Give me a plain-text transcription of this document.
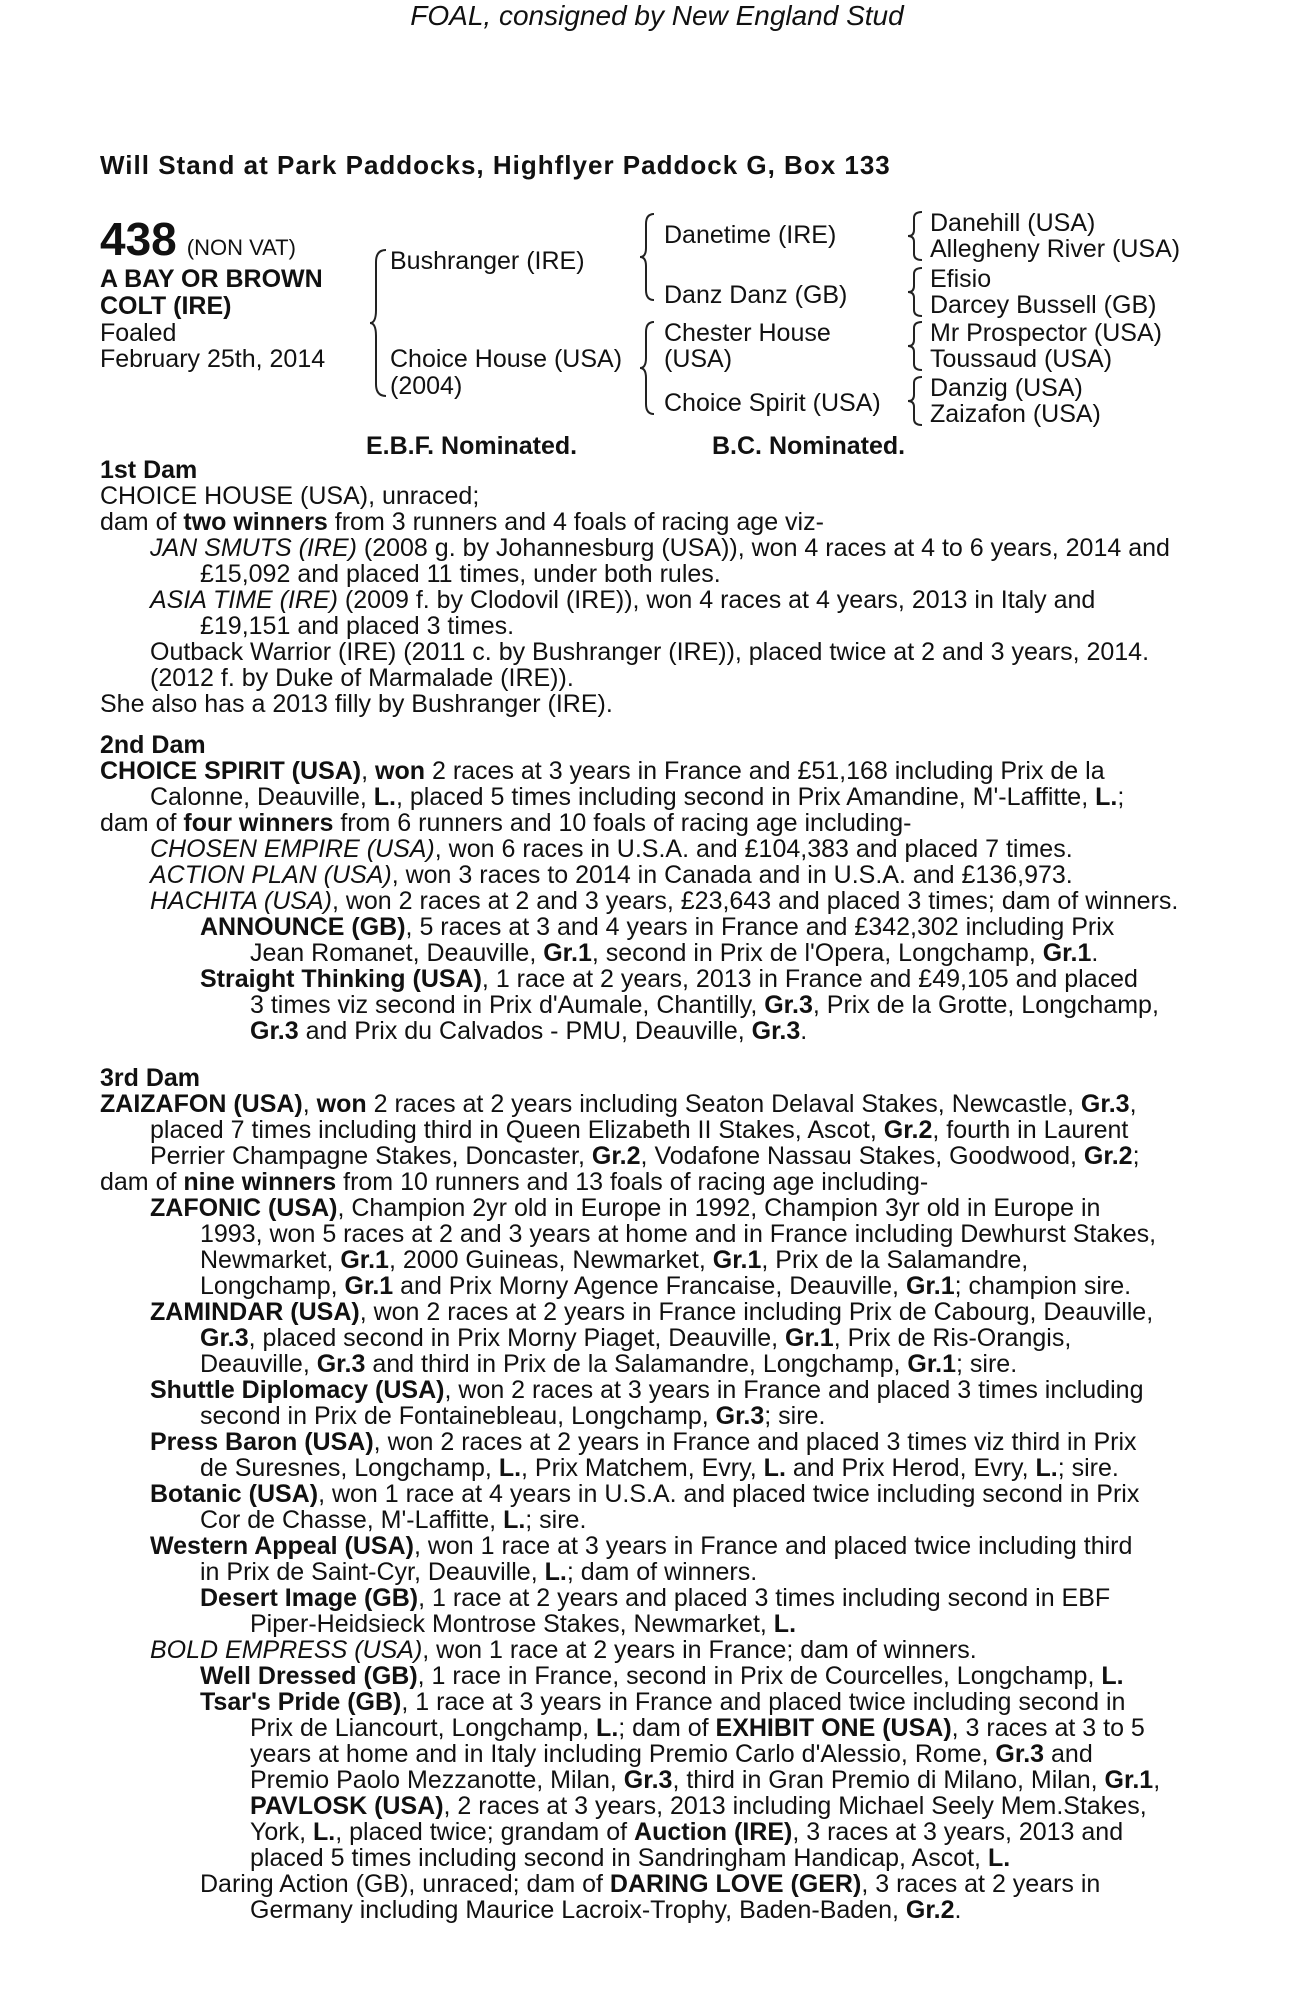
FOAL, consigned by New England Stud
Will Stand at Park Paddocks, Highflyer Paddock G, Box 133
438 (NON VAT)
A BAY OR BROWN
COLT (IRE)
Foaled
February 25th, 2014
Bushranger (IRE)
Choice House (USA)
(2004)
Danetime (IRE)
Danz Danz (GB)
Chester House
(USA)
Choice Spirit (USA)
Danehill (USA)
Allegheny River (USA)
Efisio
Darcey Bussell (GB)
Mr Prospector (USA)
Toussaud (USA)
Danzig (USA)
Zaizafon (USA)
E.B.F. Nominated.	B.C. Nominated.
1st Dam
CHOICE HOUSE (USA), unraced;
dam of two winners from 3 runners and 4 foals of racing age viz-
JAN SMUTS (IRE) (2008 g. by Johannesburg (USA)), won 4 races at 4 to 6 years, 2014 and
£15,092 and placed 11 times, under both rules.
ASIA TIME (IRE) (2009 f. by Clodovil (IRE)), won 4 races at 4 years, 2013 in Italy and
£19,151 and placed 3 times.
Outback Warrior (IRE) (2011 c. by Bushranger (IRE)), placed twice at 2 and 3 years, 2014.
(2012 f. by Duke of Marmalade (IRE)).
She also has a 2013 filly by Bushranger (IRE).
2nd Dam
CHOICE SPIRIT (USA), won 2 races at 3 years in France and £51,168 including Prix de la
Calonne, Deauville, L., placed 5 times including second in Prix Amandine, M'-Laffitte, L.;
dam of four winners from 6 runners and 10 foals of racing age including-
CHOSEN EMPIRE (USA), won 6 races in U.S.A. and £104,383 and placed 7 times.
ACTION PLAN (USA), won 3 races to 2014 in Canada and in U.S.A. and £136,973.
HACHITA (USA), won 2 races at 2 and 3 years, £23,643 and placed 3 times; dam of winners.
ANNOUNCE (GB), 5 races at 3 and 4 years in France and £342,302 including Prix
Jean Romanet, Deauville, Gr.1, second in Prix de l'Opera, Longchamp, Gr.1.
Straight Thinking (USA), 1 race at 2 years, 2013 in France and £49,105 and placed
3 times viz second in Prix d'Aumale, Chantilly, Gr.3, Prix de la Grotte, Longchamp,
Gr.3 and Prix du Calvados - PMU, Deauville, Gr.3.
3rd Dam
ZAIZAFON (USA), won 2 races at 2 years including Seaton Delaval Stakes, Newcastle, Gr.3,
placed 7 times including third in Queen Elizabeth II Stakes, Ascot, Gr.2, fourth in Laurent
Perrier Champagne Stakes, Doncaster, Gr.2, Vodafone Nassau Stakes, Goodwood, Gr.2;
dam of nine winners from 10 runners and 13 foals of racing age including-
ZAFONIC (USA), Champion 2yr old in Europe in 1992, Champion 3yr old in Europe in
1993, won 5 races at 2 and 3 years at home and in France including Dewhurst Stakes,
Newmarket, Gr.1, 2000 Guineas, Newmarket, Gr.1, Prix de la Salamandre,
Longchamp, Gr.1 and Prix Morny Agence Francaise, Deauville, Gr.1; champion sire.
ZAMINDAR (USA), won 2 races at 2 years in France including Prix de Cabourg, Deauville,
Gr.3, placed second in Prix Morny Piaget, Deauville, Gr.1, Prix de Ris-Orangis,
Deauville, Gr.3 and third in Prix de la Salamandre, Longchamp, Gr.1; sire.
Shuttle Diplomacy (USA), won 2 races at 3 years in France and placed 3 times including
second in Prix de Fontainebleau, Longchamp, Gr.3; sire.
Press Baron (USA), won 2 races at 2 years in France and placed 3 times viz third in Prix
de Suresnes, Longchamp, L., Prix Matchem, Evry, L. and Prix Herod, Evry, L.; sire.
Botanic (USA), won 1 race at 4 years in U.S.A. and placed twice including second in Prix
Cor de Chasse, M'-Laffitte, L.; sire.
Western Appeal (USA), won 1 race at 3 years in France and placed twice including third
in Prix de Saint-Cyr, Deauville, L.; dam of winners.
Desert Image (GB), 1 race at 2 years and placed 3 times including second in EBF
Piper-Heidsieck Montrose Stakes, Newmarket, L.
BOLD EMPRESS (USA), won 1 race at 2 years in France; dam of winners.
Well Dressed (GB), 1 race in France, second in Prix de Courcelles, Longchamp, L.
Tsar's Pride (GB), 1 race at 3 years in France and placed twice including second in
Prix de Liancourt, Longchamp, L.; dam of EXHIBIT ONE (USA), 3 races at 3 to 5
years at home and in Italy including Premio Carlo d'Alessio, Rome, Gr.3 and
Premio Paolo Mezzanotte, Milan, Gr.3, third in Gran Premio di Milano, Milan, Gr.1,
PAVLOSK (USA), 2 races at 3 years, 2013 including Michael Seely Mem.Stakes,
York, L., placed twice; grandam of Auction (IRE), 3 races at 3 years, 2013 and
placed 5 times including second in Sandringham Handicap, Ascot, L.
Daring Action (GB), unraced; dam of DARING LOVE (GER), 3 races at 2 years in
Germany including Maurice Lacroix-Trophy, Baden-Baden, Gr.2.
